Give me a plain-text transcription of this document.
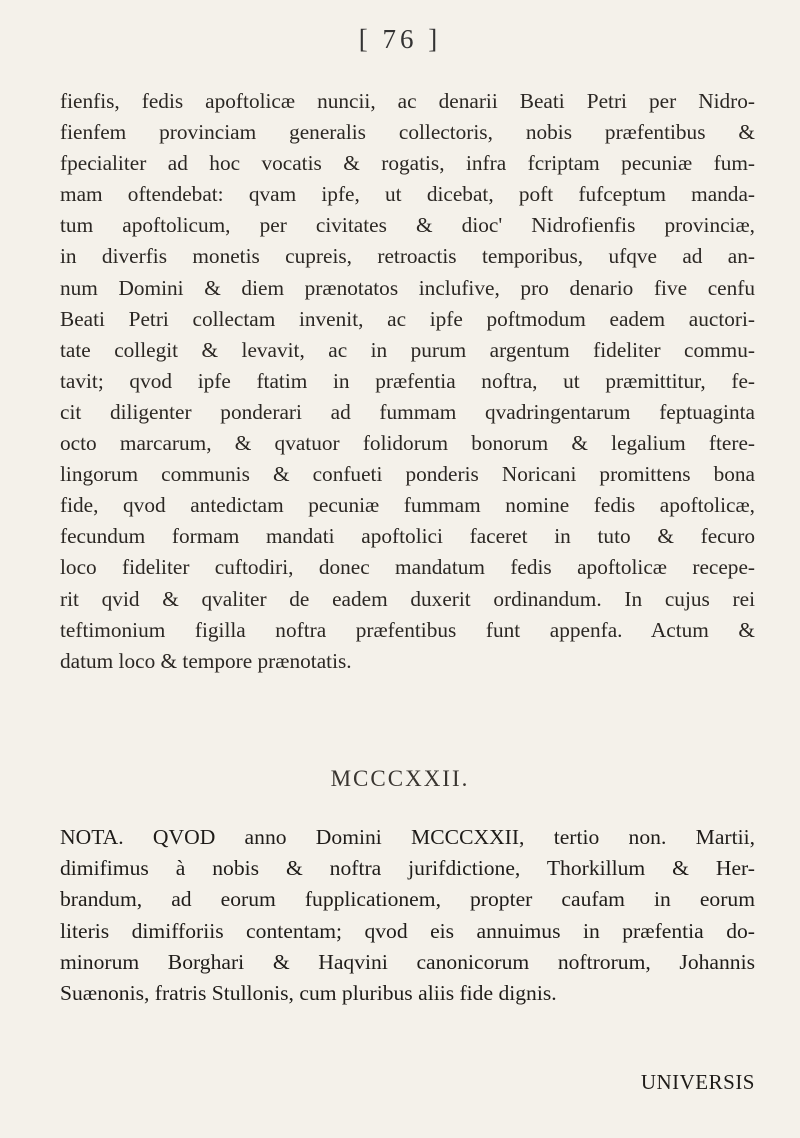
[ 76 ]
fienfis, fedis apoftolicæ nuncii, ac denarii Beati Petri per Nidro-
fienfem provinciam generalis collectoris, nobis præfentibus &
fpecialiter ad hoc vocatis & rogatis, infra fcriptam pecuniæ fum-
mam oftendebat: qvam ipfe, ut dicebat, poft fufceptum manda-
tum apoftolicum, per civitates & dioc' Nidrofienfis provinciæ,
in diverfis monetis cupreis, retroactis temporibus, ufqve ad an-
num Domini & diem prænotatos inclufive, pro denario five cenfu
Beati Petri collectam invenit, ac ipfe poftmodum eadem auctori-
tate collegit & levavit, ac in purum argentum fideliter commu-
tavit; qvod ipfe ftatim in præfentia noftra, ut præmittitur, fe-
cit diligenter ponderari ad fummam qvadringentarum feptuaginta
octo marcarum, & qvatuor folidorum bonorum & legalium ftere-
lingorum communis & confueti ponderis Noricani promittens bona
fide, qvod antedictam pecuniæ fummam nomine fedis apoftolicæ,
fecundum formam mandati apoftolici faceret in tuto & fecuro
loco fideliter cuftodiri, donec mandatum fedis apoftolicæ recepe-
rit qvid & qvaliter de eadem duxerit ordinandum. In cujus rei
teftimonium figilla noftra præfentibus funt appenfa. Actum &
datum loco & tempore prænotatis.
MCCCXXII.
NOTA. QVOD anno Domini MCCCXXII, tertio non. Martii,
dimifimus à nobis & noftra jurifdictione, Thorkillum & Her-
brandum, ad eorum fupplicationem, propter caufam in eorum
literis dimifforiis contentam; qvod eis annuimus in præfentia do-
minorum Borghari & Haqvini canonicorum noftrorum, Johannis
Suænonis, fratris Stullonis, cum pluribus aliis fide dignis.
UNIVERSIS
